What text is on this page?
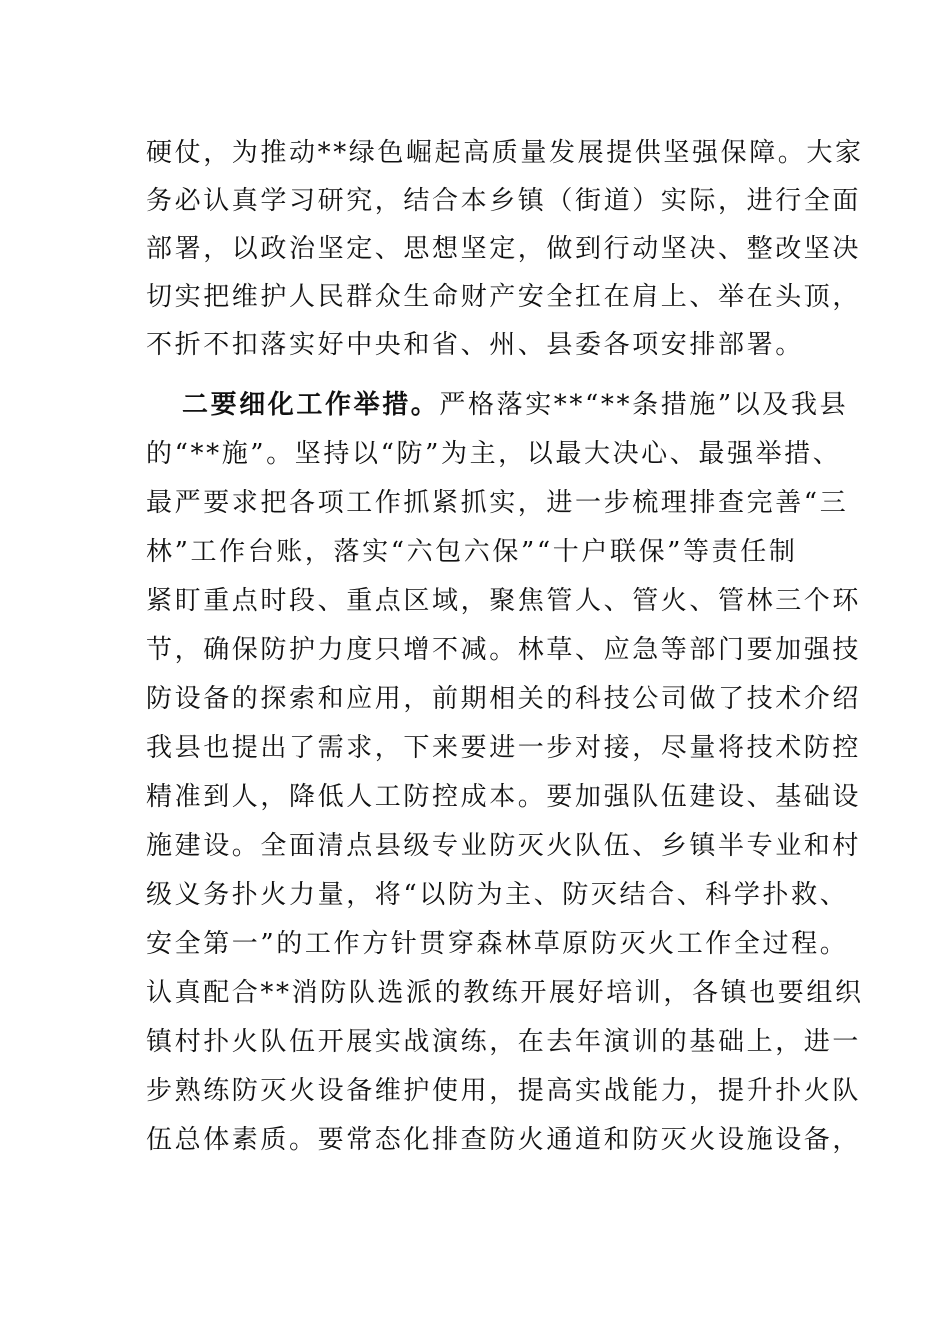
硬仗，为推动**绿色崛起高质量发展提供坚强保障。大家
务必认真学习研究，结合本乡镇（街道）实际，进行全面
部署，以政治坚定、思想坚定，做到行动坚决、整改坚决
切实把维护人民群众生命财产安全扛在肩上、举在头顶，
不折不扣落实好中央和省、州、县委各项安排部署。
二要细化工作举措。严格落实**“**条措施”以及我县
的“**施”。坚持以“防”为主，以最大决心、最强举措、
最严要求把各项工作抓紧抓实，进一步梳理排查完善“三
林”工作台账，落实“六包六保”“十户联保”等责任制
紧盯重点时段、重点区域，聚焦管人、管火、管林三个环
节，确保防护力度只增不减。林草、应急等部门要加强技
防设备的探索和应用，前期相关的科技公司做了技术介绍
我县也提出了需求，下来要进一步对接，尽量将技术防控
精准到人，降低人工防控成本。要加强队伍建设、基础设
施建设。全面清点县级专业防灭火队伍、乡镇半专业和村
级义务扑火力量，将“以防为主、防灭结合、科学扑救、
安全第一”的工作方针贯穿森林草原防灭火工作全过程。
认真配合**消防队选派的教练开展好培训，各镇也要组织
镇村扑火队伍开展实战演练，在去年演训的基础上，进一
步熟练防灭火设备维护使用，提高实战能力，提升扑火队
伍总体素质。要常态化排查防火通道和防灭火设施设备，
